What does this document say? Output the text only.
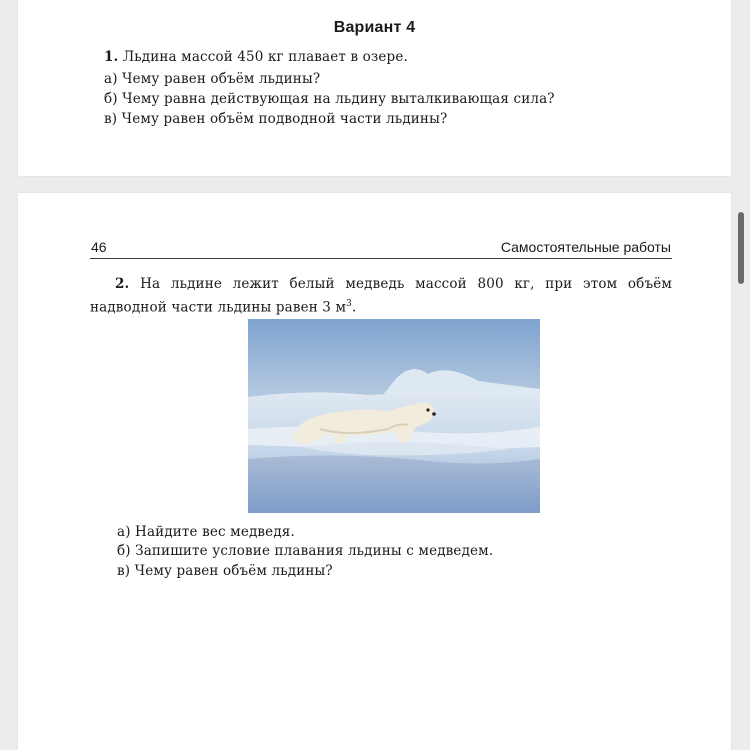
Вариант 4
1. Льдина массой 450 кг плавает в озере.
а) Чему равен объём льдины?
б) Чему равна действующая на льдину выталкивающая сила?
в) Чему равен объём подводной части льдины?
46	Самостоятельные работы
2. На льдине лежит белый медведь массой 800 кг, при этом объём надводной части льдины равен 3 $м^3$.
а) Найдите вес медведя.
б) Запишите условие плавания льдины с медведем.
в) Чему равен объём льдины?
